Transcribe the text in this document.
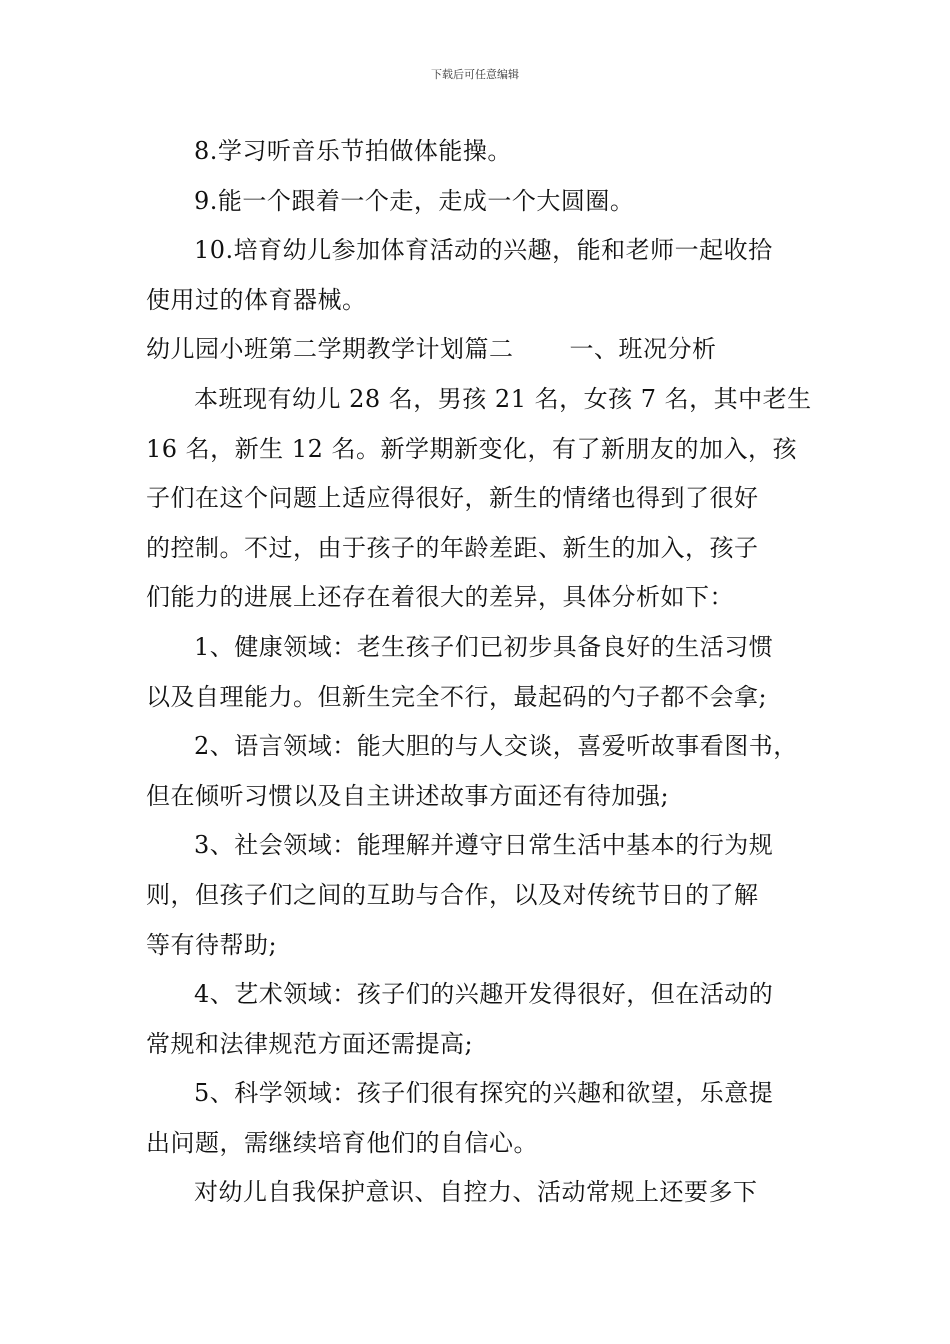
下载后可任意编辑
8.学习听音乐节拍做体能操。
9.能一个跟着一个走，走成一个大圆圈。
10.培育幼儿参加体育活动的兴趣，能和老师一起收拾
使用过的体育器械。
幼儿园小班第二学期教学计划篇二 一、班况分析
本班现有幼儿 28 名，男孩 21 名，女孩 7 名，其中老生
16 名，新生 12 名。新学期新变化，有了新朋友的加入，孩
子们在这个问题上适应得很好，新生的情绪也得到了很好
的控制。不过，由于孩子的年龄差距、新生的加入，孩子
们能力的进展上还存在着很大的差异，具体分析如下：
1、健康领域：老生孩子们已初步具备良好的生活习惯
以及自理能力。但新生完全不行，最起码的勺子都不会拿;
2、语言领域：能大胆的与人交谈，喜爱听故事看图书，
但在倾听习惯以及自主讲述故事方面还有待加强;
3、社会领域：能理解并遵守日常生活中基本的行为规
则，但孩子们之间的互助与合作，以及对传统节日的了解
等有待帮助;
4、艺术领域：孩子们的兴趣开发得很好，但在活动的
常规和法律规范方面还需提高;
5、科学领域：孩子们很有探究的兴趣和欲望，乐意提
出问题，需继续培育他们的自信心。
对幼儿自我保护意识、自控力、活动常规上还要多下
